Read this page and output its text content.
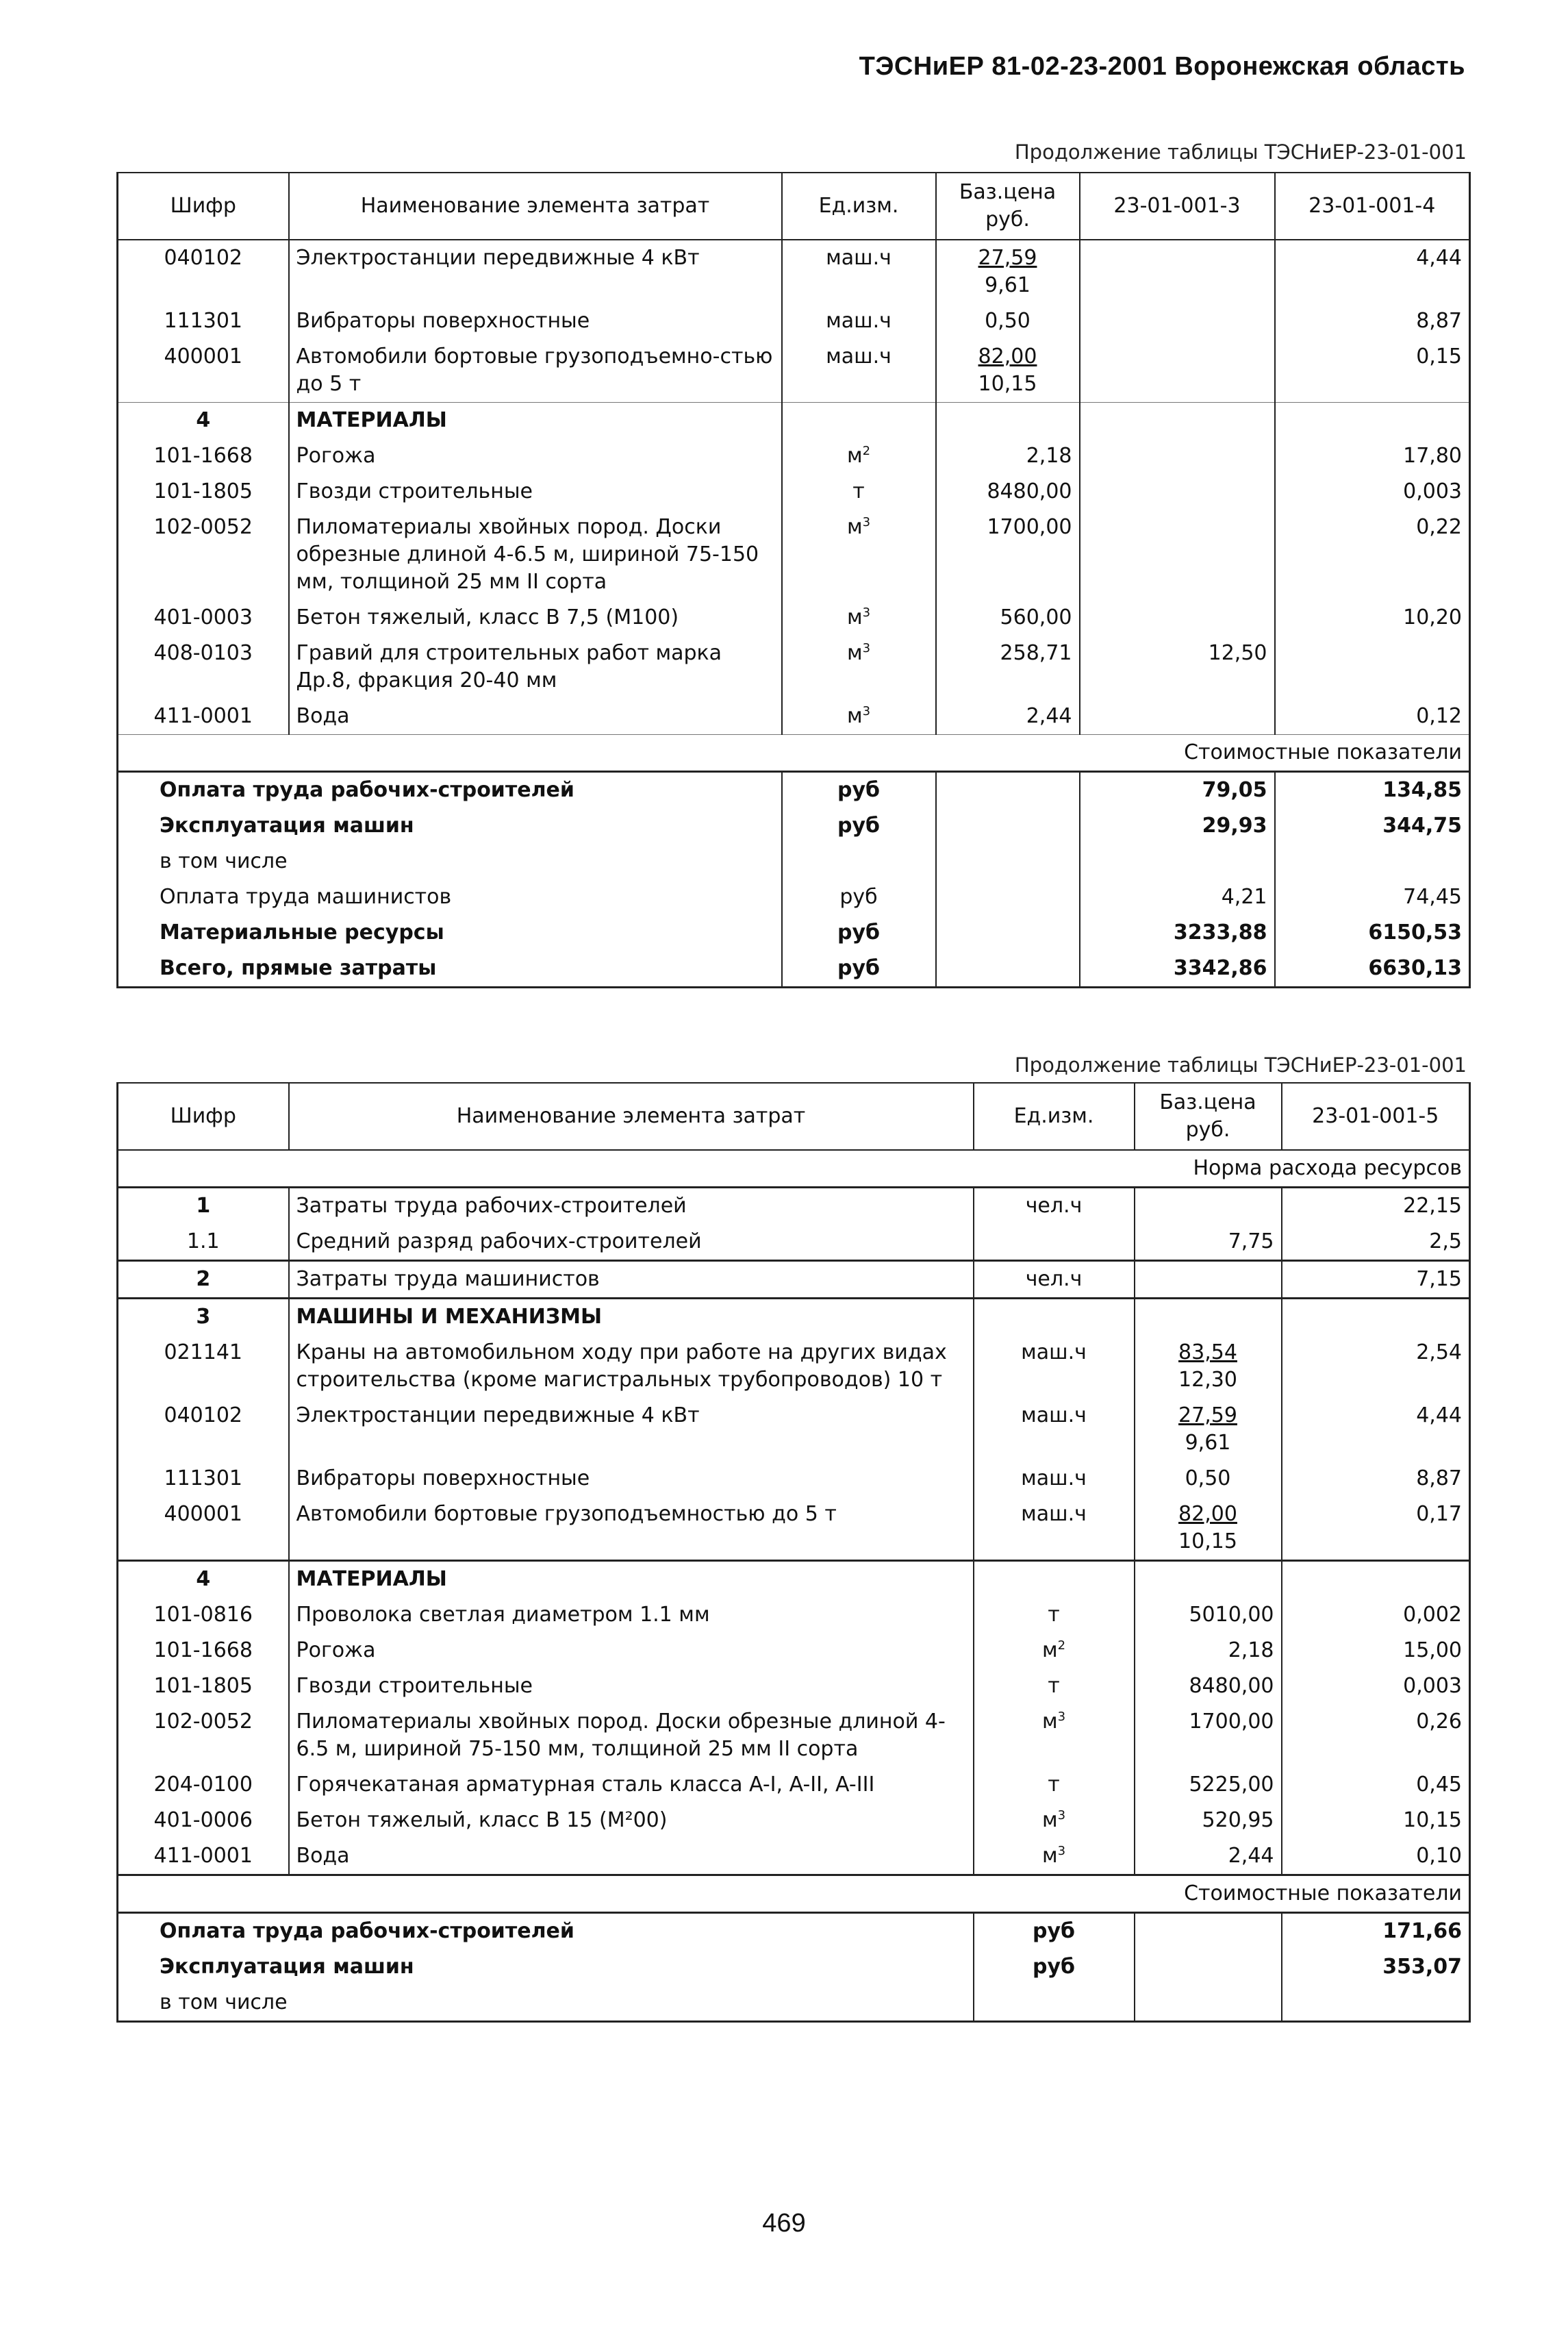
ТЭСНиЕР 81-02-23-2001 Воронежская область
Продолжение таблицы ТЭСНиЕР-23-01-001
Шифр	Наименование элемента затрат	Ед.изм.	Баз.цена руб.	23-01-001-3	23-01-001-4
040102	Электростанции передвижные 4 кВт	маш.ч	27,59
9,61		4,44
111301	Вибраторы поверхностные	маш.ч	0,50		8,87
400001	Автомобили бортовые грузоподъемно-стью до 5 т	маш.ч	82,00
10,15		0,15
4	МАТЕРИАЛЫ				
101-1668	Рогожа	$м^2$	2,18		17,80
101-1805	Гвозди строительные	т	8480,00		0,003
102-0052	Пиломатериалы хвойных пород. Доски обрезные длиной 4-6.5 м, шириной 75-150 мм, толщиной 25 мм II сорта	$м^3$	1700,00		0,22
401-0003	Бетон тяжелый, класс В 7,5 (М100)	$м^3$	560,00		10,20
408-0103	Гравий для строительных работ марка Др.8, фракция 20-40 мм	$м^3$	258,71	12,50	
411-0001	Вода	$м^3$	2,44		0,12
Стоимостные показатели					
Оплата труда рабочих-строителей		руб		79,05	134,85
Эксплуатация машин		руб		29,93	344,75
в том числе					
Оплата труда машинистов		руб		4,21	74,45
Материальные ресурсы		руб		3233,88	6150,53
Всего, прямые затраты		руб		3342,86	6630,13
Продолжение таблицы ТЭСНиЕР-23-01-001
Шифр	Наименование элемента затрат	Ед.изм.	Баз.цена руб.	23-01-001-5
Норма расхода ресурсов				
1	Затраты труда рабочих-строителей	чел.ч		22,15
1.1	Средний разряд рабочих-строителей		7,75	2,5
2	Затраты труда машинистов	чел.ч		7,15
3	МАШИНЫ И МЕХАНИЗМЫ			
021141	Краны на автомобильном ходу при работе на других видах строительства (кроме магистральных трубопроводов) 10 т	маш.ч	83,54
12,30	2,54
040102	Электростанции передвижные 4 кВт	маш.ч	27,59
9,61	4,44
111301	Вибраторы поверхностные	маш.ч	0,50	8,87
400001	Автомобили бортовые грузоподъемностью до 5 т	маш.ч	82,00
10,15	0,17
4	МАТЕРИАЛЫ			
101-0816	Проволока светлая диаметром 1.1 мм	т	5010,00	0,002
101-1668	Рогожа	$м^2$	2,18	15,00
101-1805	Гвозди строительные	т	8480,00	0,003
102-0052	Пиломатериалы хвойных пород. Доски обрезные длиной 4-6.5 м, шириной 75-150 мм, толщиной 25 мм II сорта	$м^3$	1700,00	0,26
204-0100	Горячекатаная арматурная сталь класса A-I, A-II, A-III	т	5225,00	0,45
401-0006	Бетон тяжелый, класс В 15 (М²00)	$м^3$	520,95	10,15
411-0001	Вода	$м^3$	2,44	0,10
Стоимостные показатели				
Оплата труда рабочих-строителей		руб		171,66
Эксплуатация машин		руб		353,07
в том числе				
469
